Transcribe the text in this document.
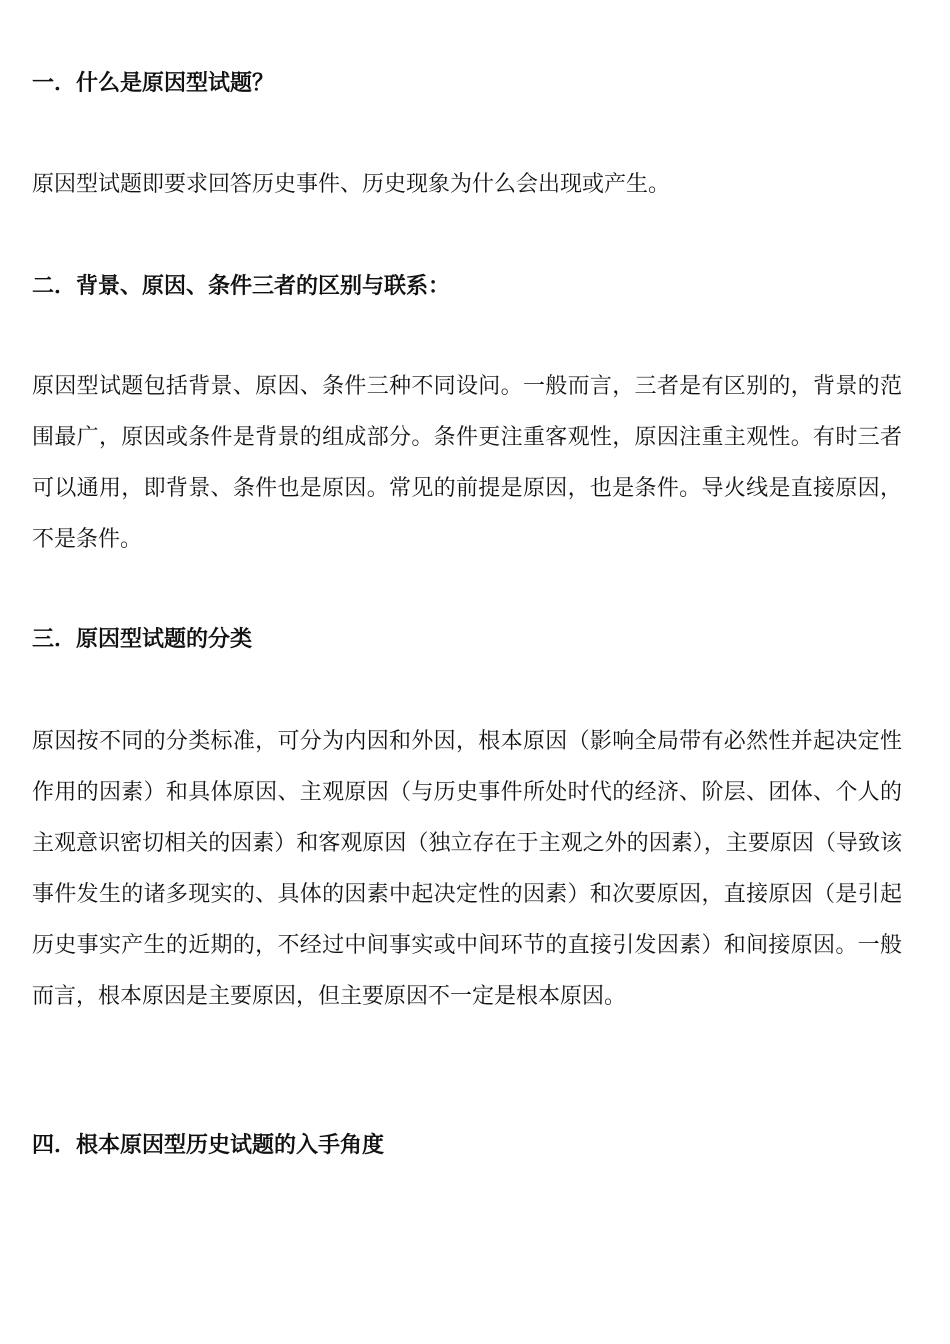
一．什么是原因型试题？

原因型试题即要求回答历史事件、历史现象为什么会出现或产生。

二．背景、原因、条件三者的区别与联系：

原因型试题包括背景、原因、条件三种不同设问。一般而言，三者是有区别的，背景的范围最广，原因或条件是背景的组成部分。条件更注重客观性，原因注重主观性。有时三者可以通用，即背景、条件也是原因。常见的前提是原因，也是条件。导火线是直接原因，不是条件。

三．原因型试题的分类

原因按不同的分类标准，可分为内因和外因，根本原因（影响全局带有必然性并起决定性作用的因素）和具体原因、主观原因（与历史事件所处时代的经济、阶层、团体、个人的主观意识密切相关的因素）和客观原因（独立存在于主观之外的因素），主要原因（导致该事件发生的诸多现实的、具体的因素中起决定性的因素）和次要原因，直接原因（是引起历史事实产生的近期的，不经过中间事实或中间环节的直接引发因素）和间接原因。一般而言，根本原因是主要原因，但主要原因不一定是根本原因。

四．根本原因型历史试题的入手角度
